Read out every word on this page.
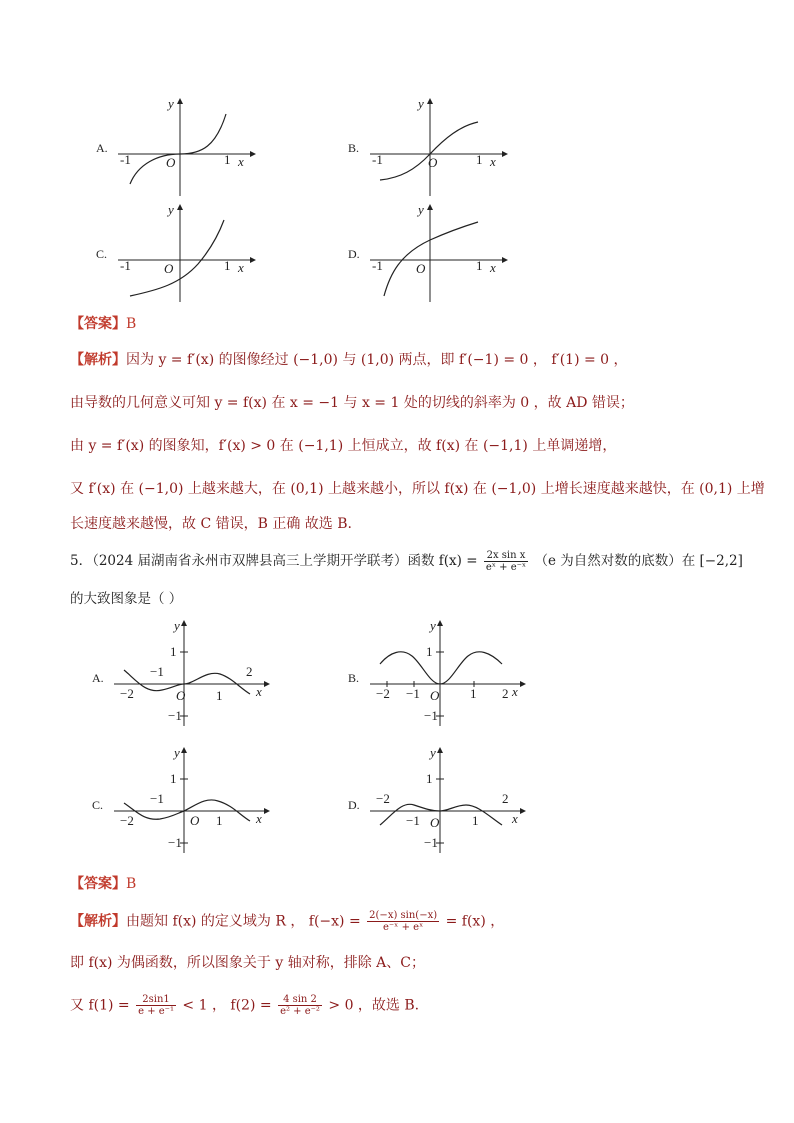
A.
-1	1
O	x
y
B.
-1	1
O	x
y
C.
-1	1
O	x
y
D.
-1	1
O	x
y
【答案】B
【解析】因为 y = f′(x) 的图像经过 (−1,0) 与 (1,0) 两点，即 f′(−1) = 0 ， f′(1) = 0 ，
由导数的几何意义可知 y = f(x) 在 x = −1 与 x = 1 处的切线的斜率为 0 ，故 AD 错误；
由 y = f′(x) 的图象知，f′(x) > 0 在 (−1,1) 上恒成立，故 f(x) 在 (−1,1) 上单调递增，
又 f′(x) 在 (−1,0) 上越来越大，在 (0,1) 上越来越小，所以 f(x) 在 (−1,0) 上增长速度越来越快，在 (0,1) 上增
长速度越来越慢，故 C 错误，B 正确 故选 B.
5．（2024 届湖南省永州市双牌县高三上学期开学联考）函数 $f(x) = \frac{\text{2x sin x}}{\text{eˣ + e⁻ˣ}} (e$ 为自然对数的底数）在 [−2,2]
的大致图象是（ ）
A.
−2
−1
1
2
1
−1
O	x
y
B.
−2 −1	1 2
1
−1
O	x
y
C.
−2
−1
1
1
−1
O	x
y
D. −2
−1	1
2
1
−1
O	x
y
【答案】B
【解析】由题知 f(x) 的定义域为 R ， $f(-x) = \frac{2(-x) \sin(-x)}{\text{e⁻ˣ + eˣ}} = f(x)$ ，
即 f(x) 为偶函数，所以图象关于 y 轴对称，排除 A、C；
又 $f(1) = \frac{2\sin 1}{\text{e + e⁻¹}} < 1$ ， $f(2) = \frac{4 \sin 2}{\text{e² + e⁻²}} > 0$ ，故选 B.
